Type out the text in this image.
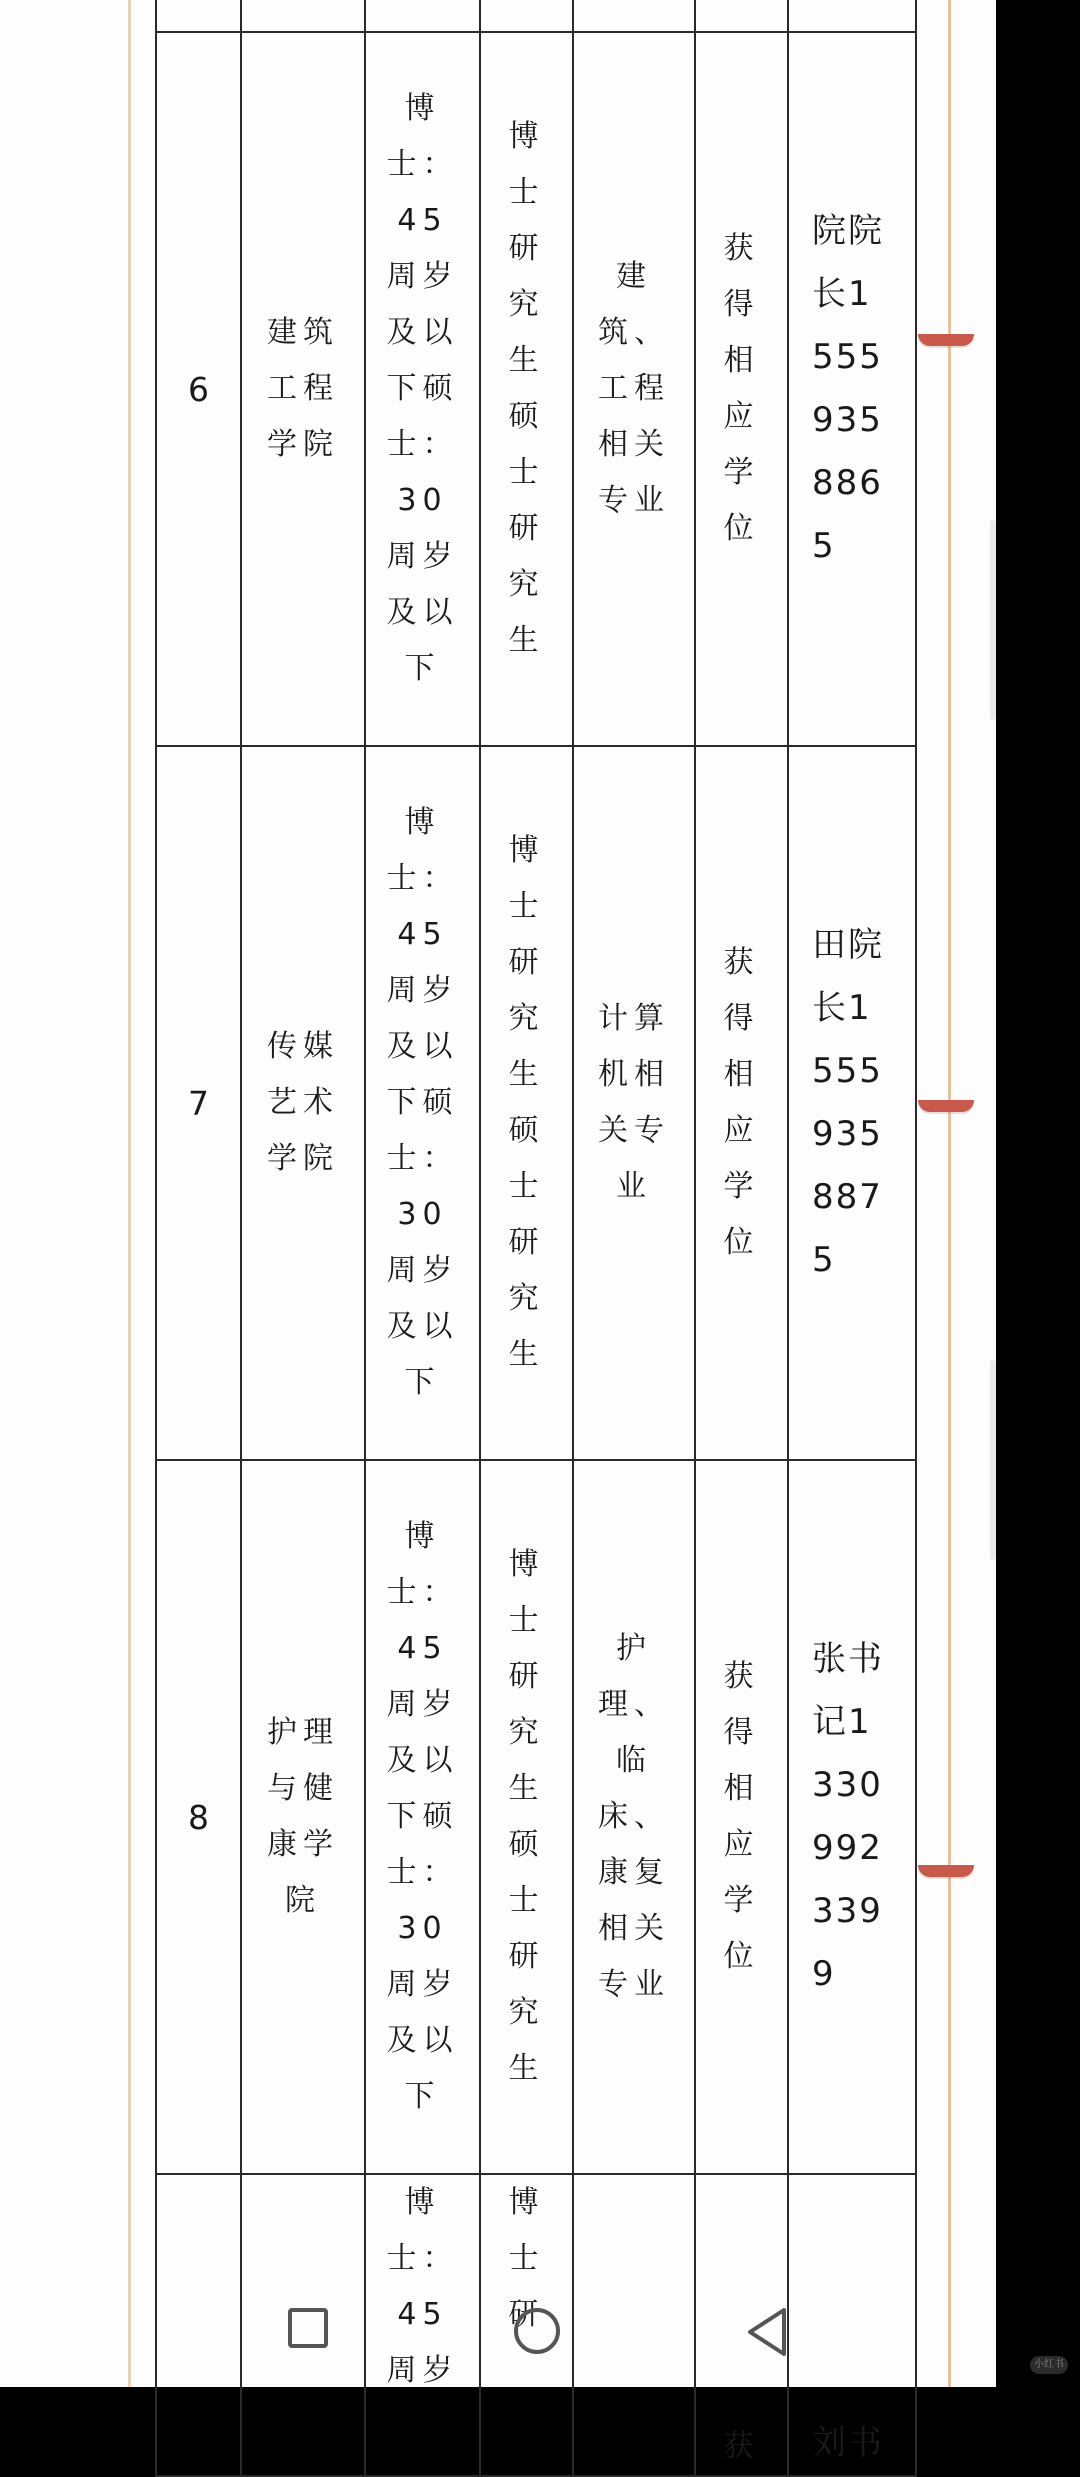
6	建筑工程学院	博士：45周岁及以下硕士：30周岁及以下	博士研究生硕士研究生	建筑、工程相关专业	获得相应学位	院院长15559358865
7	传媒艺术学院	博士：45周岁及以下硕士：30周岁及以下	博士研究生硕士研究生	计算机相关专业	获得相应学位	田院长15559358875
8	护理与健康学院	博士：45周岁及以下硕士：30周岁及以下	博士研究生硕士研究生	护理、临床、康复相关专业	获得相应学位	张书记13309923399
		博士：45周岁	博士研		获	刘书
小红书
